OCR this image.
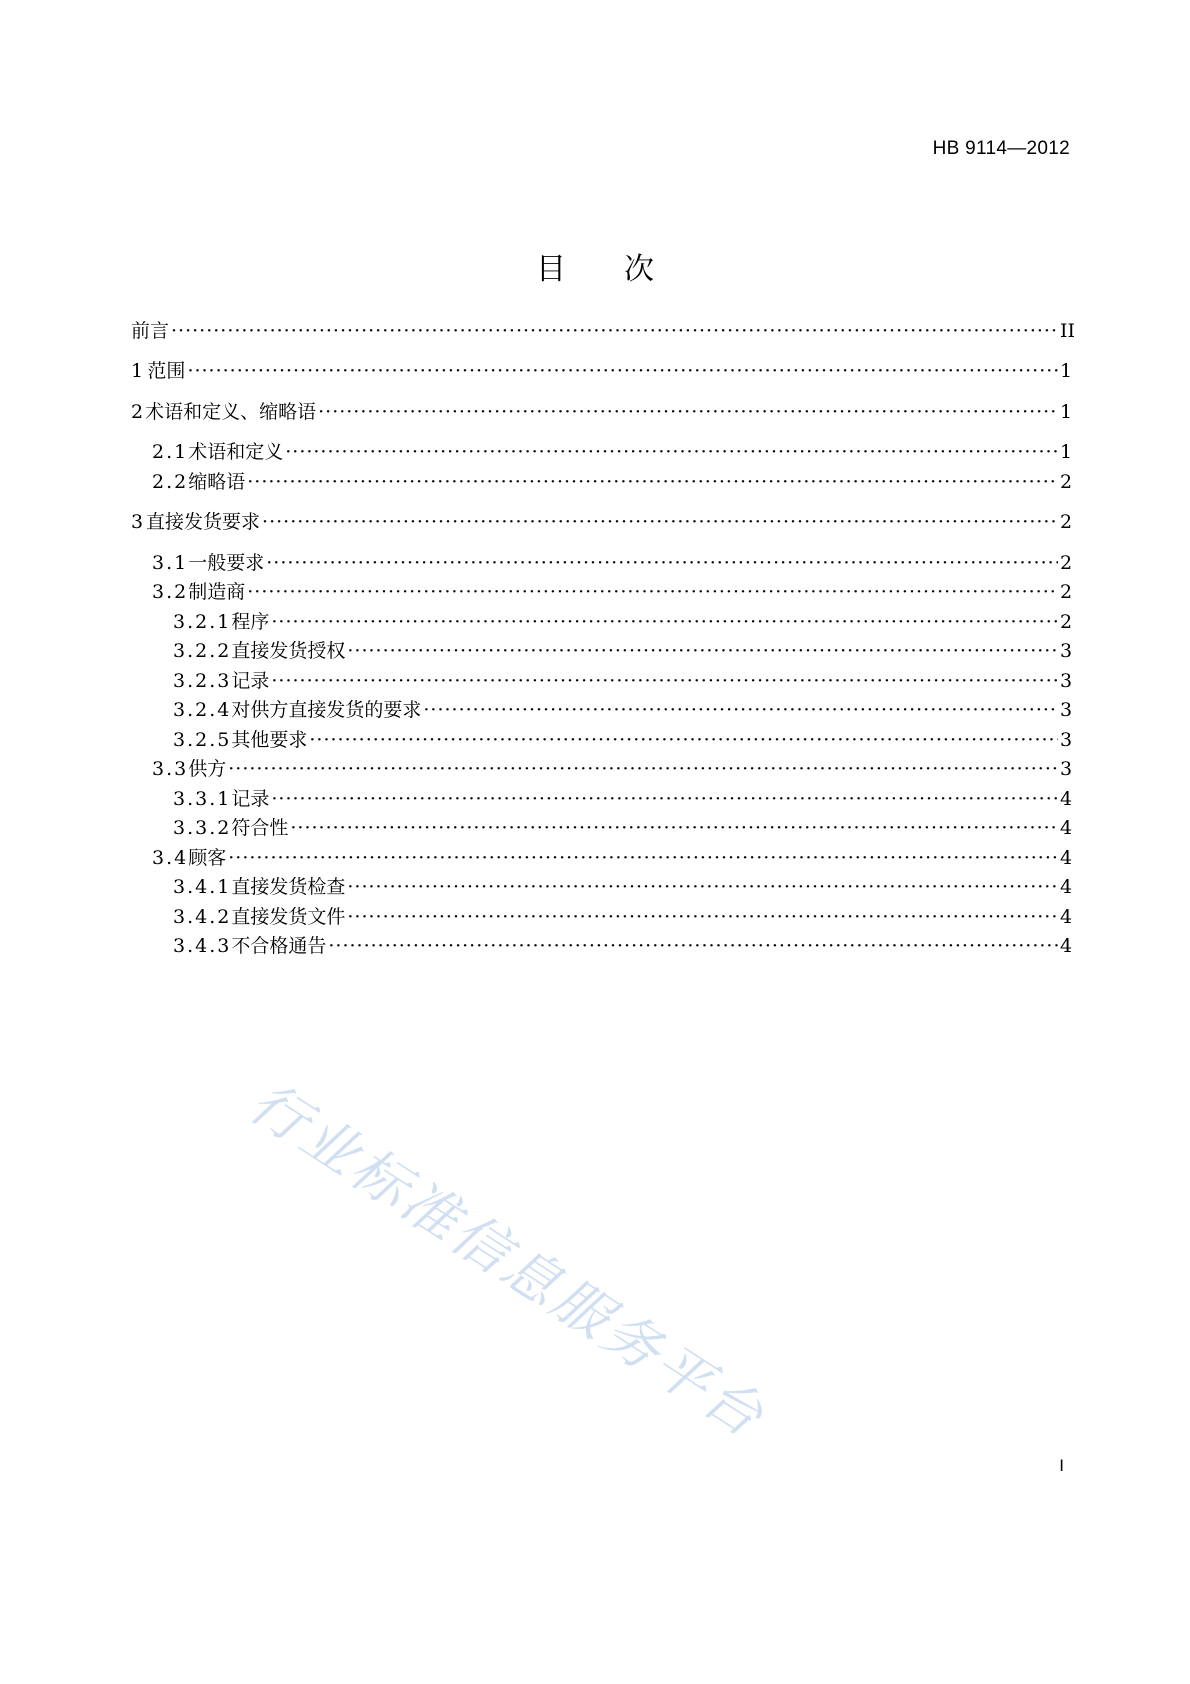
HB 9114—2012
目次
前言 ·····	II
1 范围 ·····	1
2 术语和定义、缩略语 ·····	1
2.1 术语和定义 ·····	1
2.2 缩略语 ·····	2
3 直接发货要求 ·····	2
3.1 一般要求 ·····	2
3.2 制造商 ·····	2
3.2.1 程序 ·····	2
3.2.2 直接发货授权 ·····	3
3.2.3 记录 ·····	3
3.2.4 对供方直接发货的要求 ·····	3
3.2.5 其他要求 ·····	3
3.3 供方 ·····	3
3.3.1 记录 ·····	4
3.3.2 符合性 ·····	4
3.4 顾客 ·····	4
3.4.1 直接发货检查 ·····	4
3.4.2 直接发货文件 ·····	4
3.4.3 不合格通告 ·····	4
行业标准信息服务平台
I
